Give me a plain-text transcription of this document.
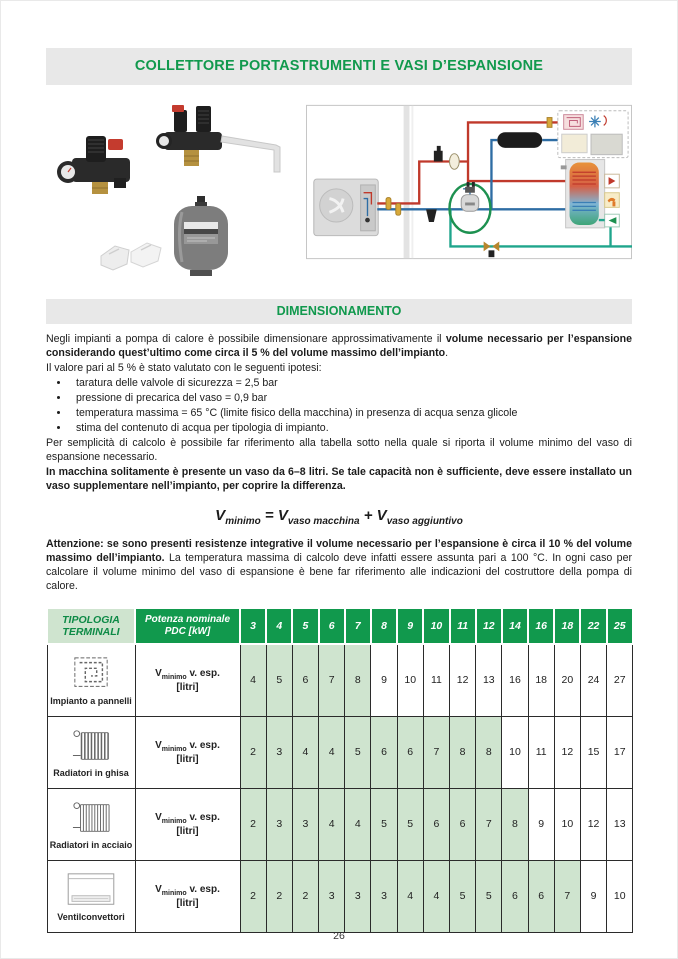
COLLETTORE PORTASTRUMENTI E VASI D’ESPANSIONE
DIMENSIONAMENTO

Negli impianti a pompa di calore è possibile dimensionare approssimativamente il volume necessario per l’espansione considerando quest’ultimo come circa il 5 % del volume massimo dell’impianto.

Il valore pari al 5 % è stato valutato con le seguenti ipotesi:

• taratura delle valvole di sicurezza = 2,5 bar
• pressione di precarica del vaso = 0,9 bar
• temperatura massima = 65 °C (limite fisico della macchina) in presenza di acqua senza glicole
• stima del contenuto di acqua per tipologia di impianto.

Per semplicità di calcolo è possibile far riferimento alla tabella sotto nella quale si riporta il volume minimo del vaso di espansione necessario.

In macchina solitamente è presente un vaso da 6–8 litri. Se tale capacità non è sufficiente, deve essere installato un vaso supplementare nell’impianto, per coprire la differenza.

$V_{minimo} = V_{vaso macchina} + V_{vaso aggiuntivo}$

Attenzione: se sono presenti resistenze integrative il volume necessario per l’espansione è circa il 10 % del volume massimo dell’impianto. La temperatura massima di calcolo deve infatti essere assunta pari a 100 °C. In ogni caso per calcolare il volume minimo del vaso di espansione è bene far riferimento alle indicazioni del costruttore della pompa di calore.

TIPOLOGIA TERMINALI	Potenza nominale PDC [kW]	3	4	5	6	7	8	9	10	11	12	14	16	18	22	25

Impianto a pannelli	$V_{minimo}$ v. esp.
[litri]	4	5	6	7	8	9	10	11	12	13	16	18	20	24	27

Radiatori in ghisa	$V_{minimo}$ v. esp.
[litri]	2	3	4	4	5	6	6	7	8	8	10	11	12	15	17

Radiatori in acciaio	$V_{minimo}$ v. esp.
[litri]	2	3	3	4	4	5	5	6	6	7	8	9	10	12	13

Ventilconvettori	$V_{minimo}$ v. esp.
[litri]	2	2	2	3	3	3	4	4	5	5	6	6	7	9	10
26
